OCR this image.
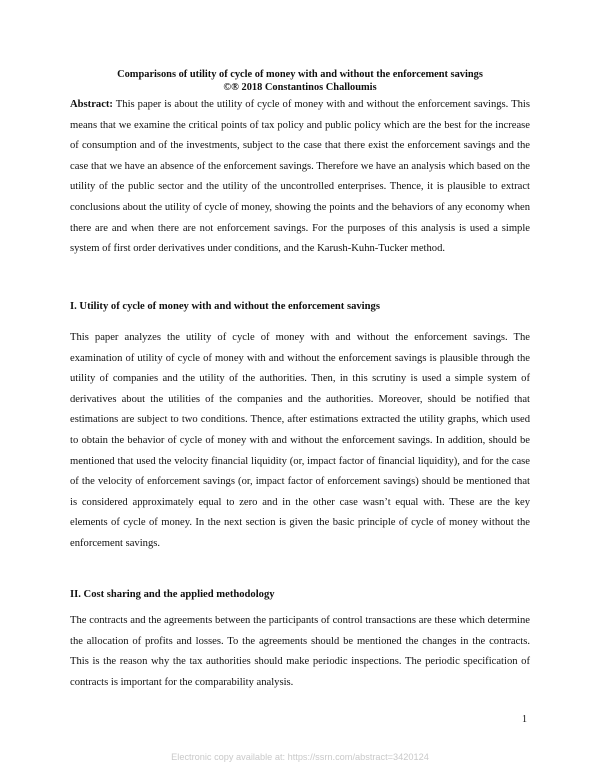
Comparisons of utility of cycle of money with and without the enforcement savings
©® 2018 Constantinos Challoumis
Abstract: This paper is about the utility of cycle of money with and without the enforcement savings. This means that we examine the critical points of tax policy and public policy which are the best for the increase of consumption and of the investments, subject to the case that there exist the enforcement savings and the case that we have an absence of the enforcement savings. Therefore we have an analysis which based on the utility of the public sector and the utility of the uncontrolled enterprises. Thence, it is plausible to extract conclusions about the utility of cycle of money, showing the points and the behaviors of any economy when there are and when there are not enforcement savings. For the purposes of this analysis is used a simple system of first order derivatives under conditions, and the Karush-Kuhn-Tucker method.
I. Utility of cycle of money with and without the enforcement savings
This paper analyzes the utility of cycle of money with and without the enforcement savings. The examination of utility of cycle of money with and without the enforcement savings is plausible through the utility of companies and the utility of the authorities. Then, in this scrutiny is used a simple system of derivatives about the utilities of the companies and the authorities. Moreover, should be notified that estimations are subject to two conditions. Thence, after estimations extracted the utility graphs, which used to obtain the behavior of cycle of money with and without the enforcement savings. In addition, should be mentioned that used the velocity financial liquidity (or, impact factor of financial liquidity), and for the case of the velocity of enforcement savings (or, impact factor of enforcement savings) should be mentioned that is considered approximately equal to zero and in the other case wasn’t equal with. These are the key elements of cycle of money. In the next section is given the basic principle of cycle of money without the enforcement savings.
II. Cost sharing and the applied methodology
The contracts and the agreements between the participants of control transactions are these which determine the allocation of profits and losses. To the agreements should be mentioned the changes in the contracts. This is the reason why the tax authorities should make periodic inspections. The periodic specification of contracts is important for the comparability analysis.
1
Electronic copy available at: https://ssrn.com/abstract=3420124
